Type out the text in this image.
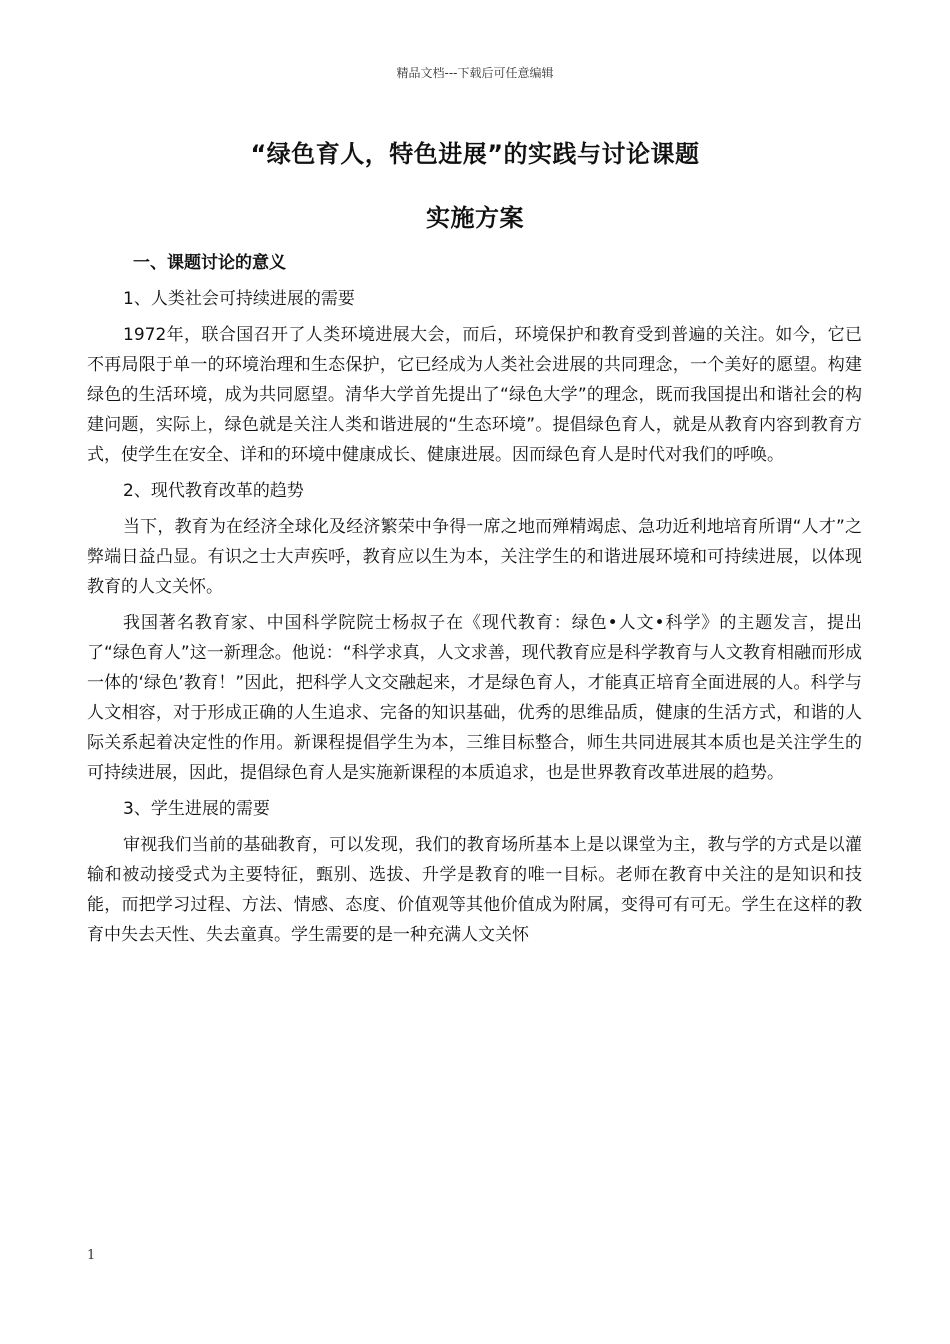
精品文档---下载后可任意编辑
“绿色育人，特色进展”的实践与讨论课题
实施方案

一、课题讨论的意义

1、人类社会可持续进展的需要

1972年，联合国召开了人类环境进展大会，而后，环境保护和教育受到普遍的关注。如今，它已不再局限于单一的环境治理和生态保护，它已经成为人类社会进展的共同理念，一个美好的愿望。构建绿色的生活环境，成为共同愿望。清华大学首先提出了“绿色大学”的理念，既而我国提出和谐社会的构建问题，实际上，绿色就是关注人类和谐进展的“生态环境”。提倡绿色育人，就是从教育内容到教育方式，使学生在安全、详和的环境中健康成长、健康进展。因而绿色育人是时代对我们的呼唤。

2、现代教育改革的趋势

当下，教育为在经济全球化及经济繁荣中争得一席之地而殚精竭虑、急功近利地培育所谓“人才”之弊端日益凸显。有识之士大声疾呼，教育应以生为本，关注学生的和谐进展环境和可持续进展，以体现教育的人文关怀。

我国著名教育家、中国科学院院士杨叔子在《现代教育：绿色•人文•科学》的主题发言，提出了“绿色育人”这一新理念。他说：“科学求真，人文求善，现代教育应是科学教育与人文教育相融而形成一体的‘绿色’教育！”因此，把科学人文交融起来，才是绿色育人，才能真正培育全面进展的人。科学与人文相容，对于形成正确的人生追求、完备的知识基础，优秀的思维品质，健康的生活方式，和谐的人际关系起着决定性的作用。新课程提倡学生为本，三维目标整合，师生共同进展其本质也是关注学生的可持续进展，因此，提倡绿色育人是实施新课程的本质追求，也是世界教育改革进展的趋势。

3、学生进展的需要

审视我们当前的基础教育，可以发现，我们的教育场所基本上是以课堂为主，教与学的方式是以灌输和被动接受式为主要特征，甄别、选拔、升学是教育的唯一目标。老师在教育中关注的是知识和技能，而把学习过程、方法、情感、态度、价值观等其他价值成为附属，变得可有可无。学生在这样的教育中失去天性、失去童真。学生需要的是一种充满人文关怀

1
